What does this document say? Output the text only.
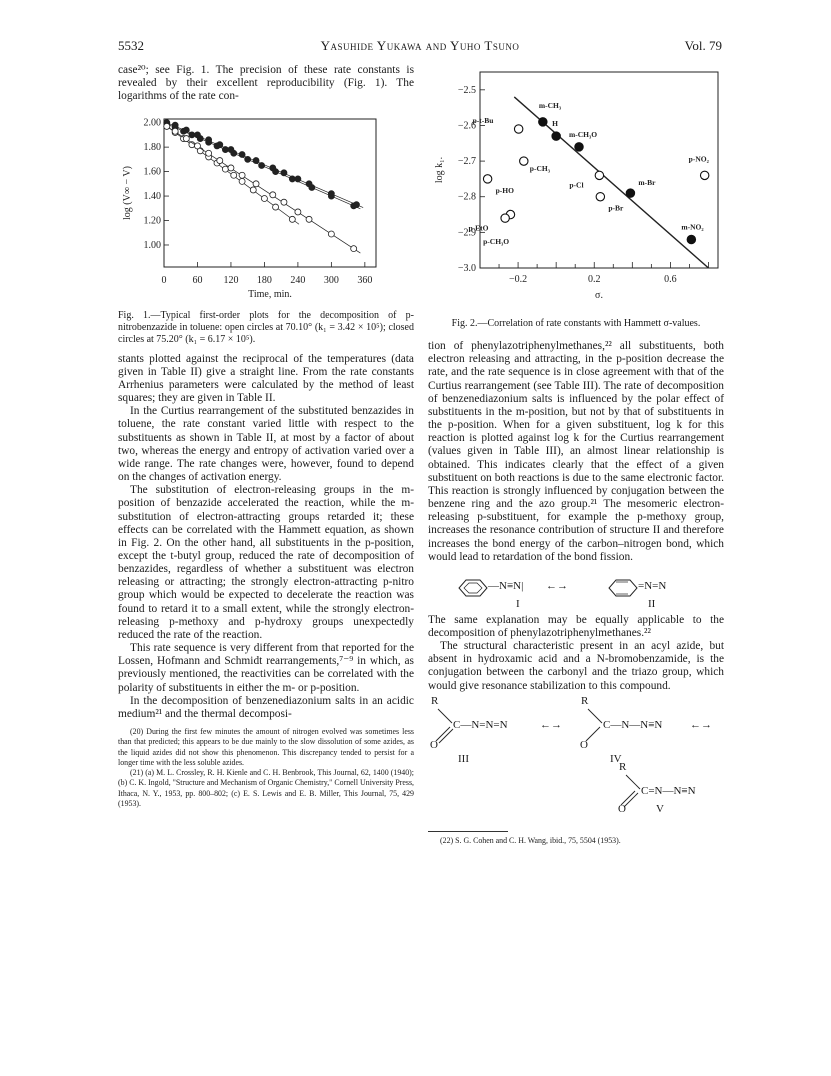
5532	Yasuhide Yukawa and Yuho Tsuno	Vol. 79

case²⁰; see Fig. 1. The precision of these rate constants is revealed by their excellent reproducibility (Fig. 1). The logarithms of the rate con-

0	60 120 180 240 300 360
1.00
1.20
1.40
1.60
1.80
2.00
Time, min.
log (V∞ − V)

Fig. 1.—Typical first-order plots for the decomposition of p-nitrobenzazide in toluene: open circles at 70.10° (k₁ = 3.42 × 10⁵); closed circles at 75.20° (k₁ = 6.17 × 10⁵).

stants plotted against the reciprocal of the temperatures (data given in Table II) give a straight line. From the rate constants Arrhenius parameters were calculated by the method of least squares; they are given in Table II.

In the Curtius rearrangement of the substituted benzazides in toluene, the rate constant varied little with respect to the substituents as shown in Table II, at most by a factor of about two, whereas the energy and entropy of activation varied over a wide range. The rate changes were, however, found to depend on the changes of activation energy.

The substitution of electron-releasing groups in the m-position of benzazide accelerated the reaction, while the m-substitution of electron-attracting groups retarded it; these effects can be correlated with the Hammett equation, as shown in Fig. 2. On the other hand, all substituents in the p-position, except the t-butyl group, reduced the rate of decomposition of benzazides, regardless of whether a substituent was electron releasing or attracting; the strongly electron-attracting p-nitro group which would be expected to decelerate the reaction was found to retard it to a small extent, while the strongly electron-releasing p-methoxy and p-hydroxy groups unexpectedly reduced the rate of the reaction.

This rate sequence is very different from that reported for the Lossen, Hofmann and Schmidt rearrangements,⁷⁻⁹ in which, as previously mentioned, the reactivities can be correlated with the polarity of substituents in either the m- or p-position.

In the decomposition of benzenediazonium salts in an acidic medium²¹ and the thermal decomposi-

(20) During the first few minutes the amount of nitrogen evolved was sometimes less than that predicted; this appears to be due mainly to the slow dissolution of some azides, as the liquid azides did not show this phenomenon. This discrepancy tended to persist for a longer time with the less soluble azides.

(21) (a) M. L. Crossley, R. H. Kienle and C. H. Benbrook, This Journal, 62, 1400 (1940); (b) C. K. Ingold, "Structure and Mechanism of Organic Chemistry," Cornell University Press, Ithaca, N. Y., 1953, pp. 800–802; (c) E. S. Lewis and E. B. Miller, This Journal, 75, 429 (1953).

−2.5
−2.6
−2.7
−2.8
−2.9
−3.0
−0.2	0.2	0.6
σ.
log k₁.
m-CH₃
H
m-CH₃O
m-Br
m-NO₂
p-NO₂
p-t-Bu
p-CH₃
p-HO
p-Cl
p-Br
p-EtO
p-CH₃O

Fig. 2.—Correlation of rate constants with Hammett σ-values.

tion of phenylazotriphenylmethanes,²² all substituents, both electron releasing and attracting, in the p-position decrease the rate, and the rate sequence is in close agreement with that of the Curtius rearrangement (see Table III). The rate of decomposition of benzenediazonium salts is influenced by the polar effect of substituents in the m-position, but not by that of substituents in the p-position. When for a given substituent, log k for this reaction is plotted against log k for the Curtius rearrangement (values given in Table III), an almost linear relationship is obtained. This indicates clearly that the effect of a given substituent on both reactions is due to the same electronic factor. This reaction is strongly influenced by conjugation between the benzene ring and the azo group.²¹ The mesomeric electron-releasing p-substituent, for example the p-methoxy group, increases the resonance contribution of structure II and therefore increases the bond energy of the carbon–nitrogen bond, which would lead to retardation of the bond fission.

—N≡N| ←→	=N=N
I	II

The same explanation may be equally applicable to the decomposition of phenylazotriphenylmethanes.²²

The structural characteristic present in an acyl azide, but absent in hydroxamic acid and a N-bromobenzamide, is the conjugation between the carbonyl and the triazo group, which would give resonance stabilization to this compound.

R
C—N=N=N	←→
O
III
R
C—N—N≡N	←→
O
IV
R
C=N—N≡N
O	V

(22) S. G. Cohen and C. H. Wang, ibid., 75, 5504 (1953).
